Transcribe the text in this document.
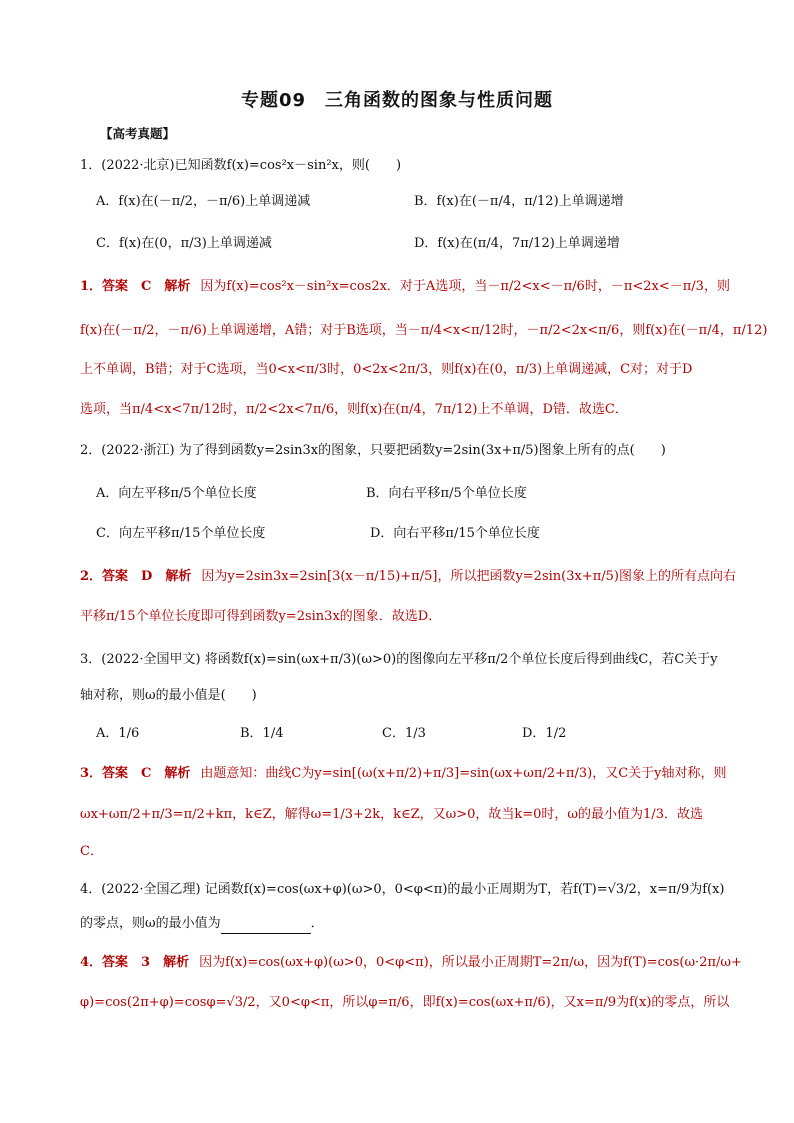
专题09　三角函数的图象与性质问题
【高考真题】
1．(2022·北京)已知函数f(x)=cos²x－sin²x，则(　　)
A．f(x)在(－π/2，－π/6)上单调递减	B．f(x)在(－π/4，π/12)上单调递增
C．f(x)在(0，π/3)上单调递减	D．f(x)在(π/4，7π/12)上单调递增
1．答案　C　解析 因为f(x)=cos²x－sin²x=cos2x．对于A选项，当－π/2<x<－π/6时，－π<2x<－π/3，则
f(x)在(－π/2，－π/6)上单调递增，A错；对于B选项，当－π/4<x<π/12时，－π/2<2x<π/6，则f(x)在(－π/4，π/12)
上不单调，B错；对于C选项，当0<x<π/3时，0<2x<2π/3，则f(x)在(0，π/3)上单调递减，C对；对于D
选项，当π/4<x<7π/12时，π/2<2x<7π/6，则f(x)在(π/4，7π/12)上不单调，D错．故选C．
2．(2022·浙江) 为了得到函数y=2sin3x的图象，只要把函数y=2sin(3x+π/5)图象上所有的点(　　)
A．向左平移π/5个单位长度	B．向右平移π/5个单位长度
C．向左平移π/15个单位长度	D．向右平移π/15个单位长度
2．答案　D　解析 因为y=2sin3x=2sin[3(x－π/15)+π/5]，所以把函数y=2sin(3x+π/5)图象上的所有点向右
平移π/15个单位长度即可得到函数y=2sin3x的图象．故选D．
3．(2022·全国甲文) 将函数f(x)=sin(ωx+π/3)(ω>0)的图像向左平移π/2个单位长度后得到曲线C，若C关于y
轴对称，则ω的最小值是(　　)
A．1/6	B．1/4	C．1/3	D．1/2
3．答案　C　解析 由题意知：曲线C为y=sin[(ω(x+π/2)+π/3]=sin(ωx+ωπ/2+π/3)，又C关于y轴对称，则
ωx+ωπ/2+π/3=π/2+kπ，k∈Z，解得ω=1/3+2k，k∈Z，又ω>0，故当k=0时，ω的最小值为1/3．故选
C．
4．(2022·全国乙理) 记函数f(x)=cos(ωx+φ)(ω>0，0<φ<π)的最小正周期为T，若f(T)=√3/2，x=π/9为f(x)
的零点，则ω的最小值为	．
4．答案　3　解析 因为f(x)=cos(ωx+φ)(ω>0，0<φ<π)，所以最小正周期T=2π/ω，因为f(T)=cos(ω·2π/ω+
φ)=cos(2π+φ)=cosφ=√3/2，又0<φ<π，所以φ=π/6，即f(x)=cos(ωx+π/6)，又x=π/9为f(x)的零点，所以
